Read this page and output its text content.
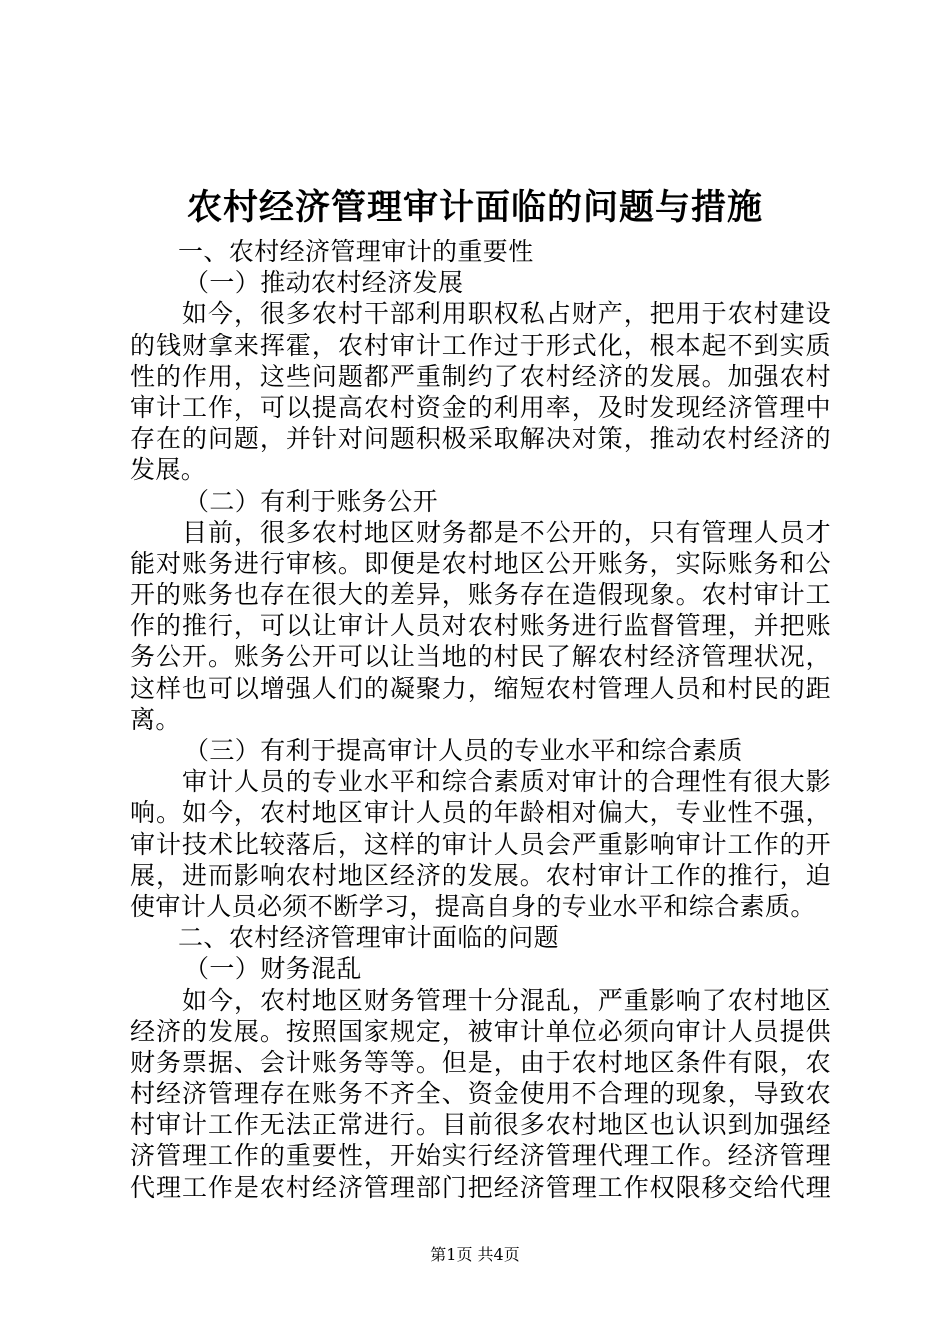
农村经济管理审计面临的问题与措施
一、农村经济管理审计的重要性
（一）推动农村经济发展
如今，很多农村干部利用职权私占财产，把用于农村建设
的钱财拿来挥霍，农村审计工作过于形式化，根本起不到实质
性的作用，这些问题都严重制约了农村经济的发展。加强农村
审计工作，可以提高农村资金的利用率，及时发现经济管理中
存在的问题，并针对问题积极采取解决对策，推动农村经济的
发展。
（二）有利于账务公开
目前，很多农村地区财务都是不公开的，只有管理人员才
能对账务进行审核。即便是农村地区公开账务，实际账务和公
开的账务也存在很大的差异，账务存在造假现象。农村审计工
作的推行，可以让审计人员对农村账务进行监督管理，并把账
务公开。账务公开可以让当地的村民了解农村经济管理状况，
这样也可以增强人们的凝聚力，缩短农村管理人员和村民的距
离。
（三）有利于提高审计人员的专业水平和综合素质
审计人员的专业水平和综合素质对审计的合理性有很大影
响。如今，农村地区审计人员的年龄相对偏大，专业性不强，
审计技术比较落后，这样的审计人员会严重影响审计工作的开
展，进而影响农村地区经济的发展。农村审计工作的推行，迫
使审计人员必须不断学习，提高自身的专业水平和综合素质。
二、农村经济管理审计面临的问题
（一）财务混乱
如今，农村地区财务管理十分混乱，严重影响了农村地区
经济的发展。按照国家规定，被审计单位必须向审计人员提供
财务票据、会计账务等等。但是，由于农村地区条件有限，农
村经济管理存在账务不齐全、资金使用不合理的现象，导致农
村审计工作无法正常进行。目前很多农村地区也认识到加强经
济管理工作的重要性，开始实行经济管理代理工作。经济管理
代理工作是农村经济管理部门把经济管理工作权限移交给代理
第1页 共4页
